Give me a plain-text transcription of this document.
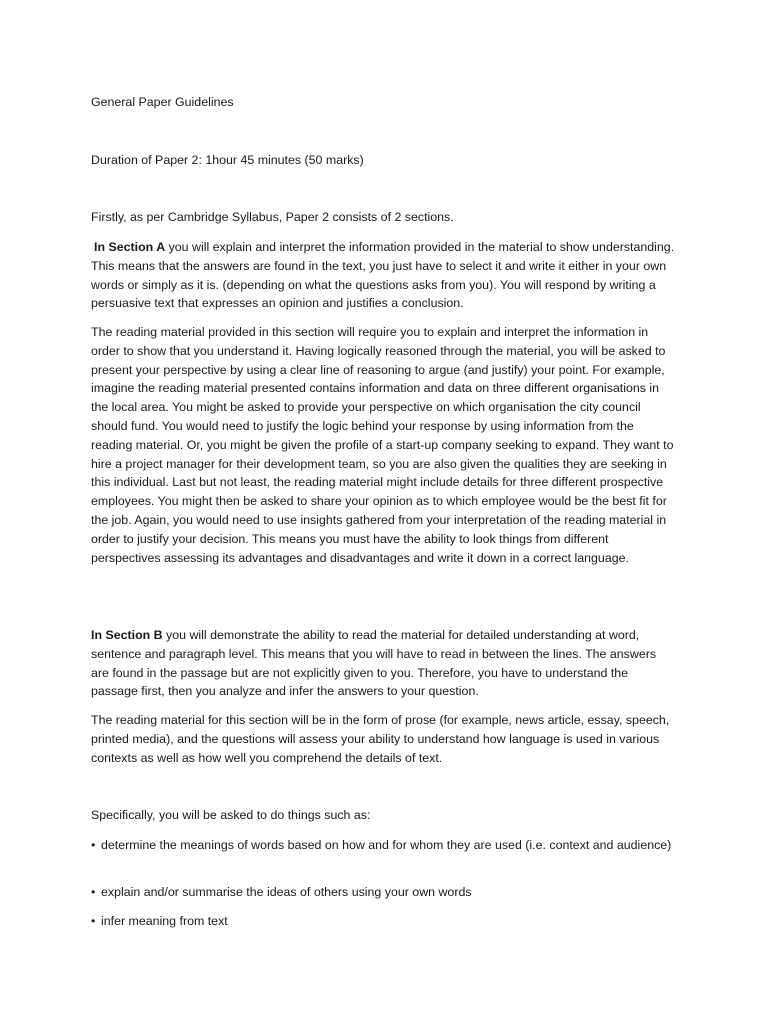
General Paper Guidelines

Duration of Paper 2: 1hour 45 minutes (50 marks)

Firstly, as per Cambridge Syllabus, Paper 2 consists of 2 sections.

In Section A you will explain and interpret the information provided in the material to show understanding. This means that the answers are found in the text, you just have to select it and write it either in your own words or simply as it is. (depending on what the questions asks from you). You will respond by writing a persuasive text that expresses an opinion and justifies a conclusion.

The reading material provided in this section will require you to explain and interpret the information in order to show that you understand it. Having logically reasoned through the material, you will be asked to present your perspective by using a clear line of reasoning to argue (and justify) your point. For example, imagine the reading material presented contains information and data on three different organisations in the local area. You might be asked to provide your perspective on which organisation the city council should fund. You would need to justify the logic behind your response by using information from the reading material. Or, you might be given the profile of a start-up company seeking to expand. They want to hire a project manager for their development team, so you are also given the qualities they are seeking in this individual. Last but not least, the reading material might include details for three different prospective employees. You might then be asked to share your opinion as to which employee would be the best fit for the job. Again, you would need to use insights gathered from your interpretation of the reading material in order to justify your decision. This means you must have the ability to look things from different perspectives assessing its advantages and disadvantages and write it down in a correct language.

In Section B you will demonstrate the ability to read the material for detailed understanding at word, sentence and paragraph level. This means that you will have to read in between the lines. The answers are found in the passage but are not explicitly given to you. Therefore, you have to understand the passage first, then you analyze and infer the answers to your question.

The reading material for this section will be in the form of prose (for example, news article, essay, speech, printed media), and the questions will assess your ability to understand how language is used in various contexts as well as how well you comprehend the details of text.

Specifically, you will be asked to do things such as:

• determine the meanings of words based on how and for whom they are used (i.e. context and audience)

• explain and/or summarise the ideas of others using your own words

• infer meaning from text
